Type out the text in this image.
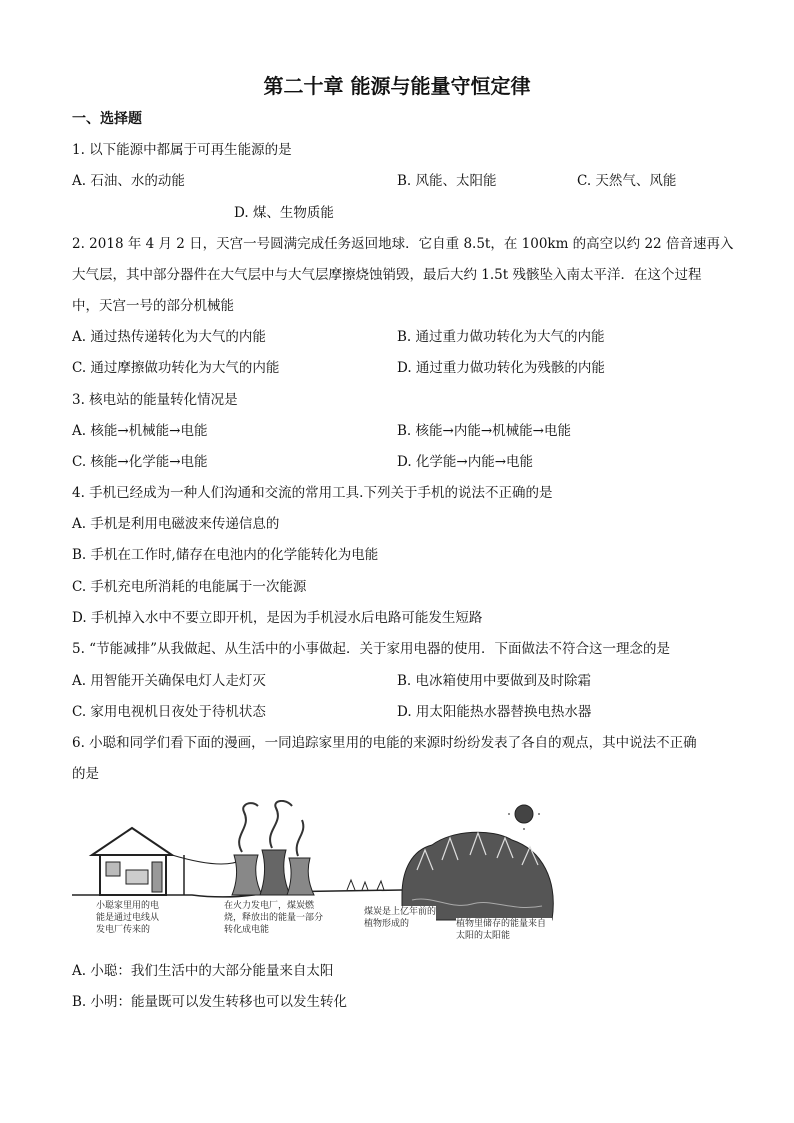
第二十章 能源与能量守恒定律
一、选择题
1. 以下能源中都属于可再生能源的是
A. 石油、水的动能	B. 风能、太阳能	C. 天然气、风能
D. 煤、生物质能
2. 2018 年 4 月 2 日，天宫一号圆满完成任务返回地球．它自重 8.5t，在 100km 的高空以约 22 倍音速再入
大气层，其中部分器件在大气层中与大气层摩擦烧蚀销毁，最后大约 1.5t 残骸坠入南太平洋．在这个过程
中，天宫一号的部分机械能
A. 通过热传递转化为大气的内能	B. 通过重力做功转化为大气的内能
C. 通过摩擦做功转化为大气的内能	D. 通过重力做功转化为残骸的内能
3. 核电站的能量转化情况是
A. 核能→机械能→电能	B. 核能→内能→机械能→电能
C. 核能→化学能→电能	D. 化学能→内能→电能
4. 手机已经成为一种人们沟通和交流的常用工具.下列关于手机的说法不正确的是
A. 手机是利用电磁波来传递信息的
B. 手机在工作时,储存在电池内的化学能转化为电能
C. 手机充电所消耗的电能属于一次能源
D. 手机掉入水中不要立即开机，是因为手机浸水后电路可能发生短路
5. “节能减排”从我做起、从生活中的小事做起．关于家用电器的使用．下面做法不符合这一理念的是
A. 用智能开关确保电灯人走灯灭	B. 电冰箱使用中要做到及时除霜
C. 家用电视机日夜处于待机状态	D. 用太阳能热水器替换电热水器
6. 小聪和同学们看下面的漫画，一同追踪家里用的电能的来源时纷纷发表了各自的观点，其中说法不正确
的是
小聪家里用的电能是通过电线从发电厂传来的
在火力发电厂，煤炭燃烧，释放出的能量一部分转化成电能
煤炭是上亿年前的植物形成的	植物里储存的能量来自太阳的太阳能
A. 小聪：我们生活中的大部分能量来自太阳
B. 小明：能量既可以发生转移也可以发生转化
